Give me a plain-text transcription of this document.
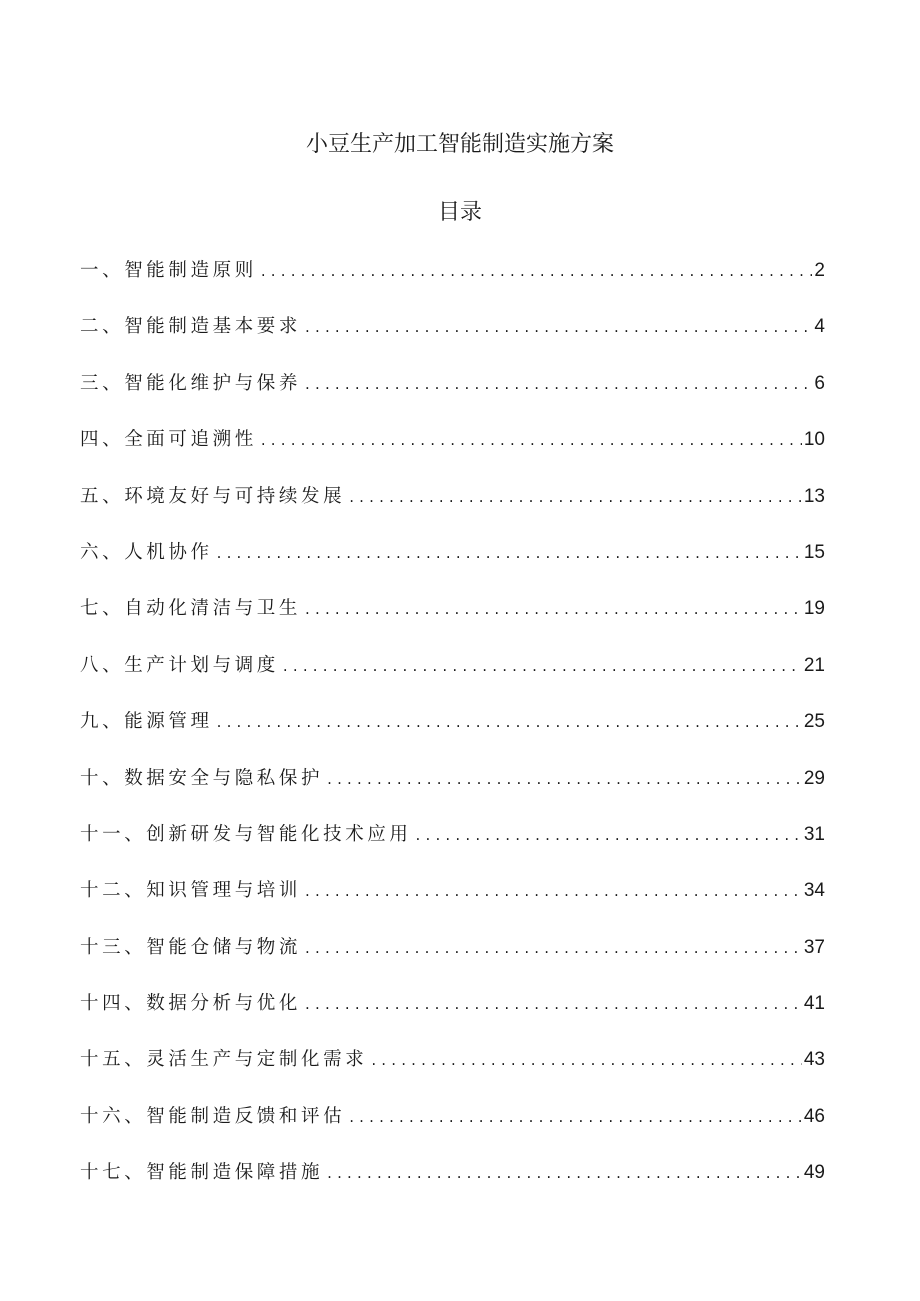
小豆生产加工智能制造实施方案
目录
一、智能制造原则 .....	2
二、智能制造基本要求 .....	4
三、智能化维护与保养 .....	6
四、全面可追溯性 .....	10
五、环境友好与可持续发展 .....	13
六、人机协作 .....	15
七、自动化清洁与卫生 .....	19
八、生产计划与调度 .....	21
九、能源管理 .....	25
十、数据安全与隐私保护 .....	29
十一、创新研发与智能化技术应用 .....	31
十二、知识管理与培训 .....	34
十三、智能仓储与物流 .....	37
十四、数据分析与优化 .....	41
十五、灵活生产与定制化需求 .....	43
十六、智能制造反馈和评估 .....	46
十七、智能制造保障措施 .....	49
